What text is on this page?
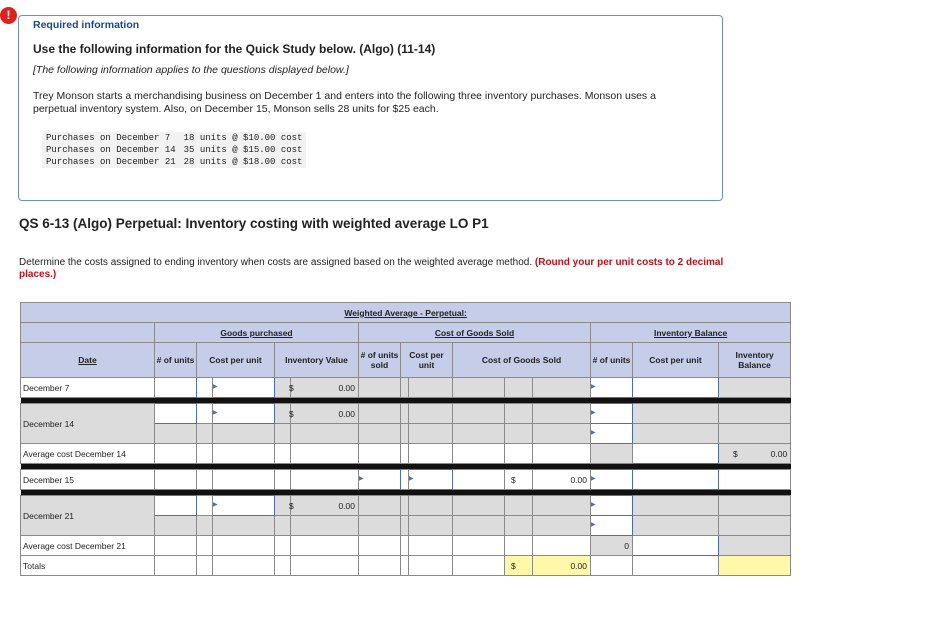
!
Required information
Use the following information for the Quick Study below. (Algo) (11-14)
[The following information applies to the questions displayed below.]
Trey Monson starts a merchandising business on December 1 and enters into the following three inventory purchases. Monson uses a perpetual inventory system. Also, on December 15, Monson sells 28 units for $25 each.
Purchases on December 7	18 units @ $10.00 cost
Purchases on December 14	35 units @ $15.00 cost
Purchases on December 21	28 units @ $18.00 cost
QS 6-13 (Algo) Perpetual: Inventory costing with weighted average LO P1
Determine the costs assigned to ending inventory when costs are assigned based on the weighted average method. (Round your per unit costs to 2 decimal places.)
Weighted Average - Perpetual:														
	Goods purchased					Cost of Goods Sold						Inventory Balance		
Date	# of units	Cost per unit		Inventory Value		# of units sold	Cost per unit		Cost of Goods Sold			# of units	Cost per unit	Inventory Balance
December 7			▶	$	0.00							▶		

December 14			▶	$	0.00							▶		
												▶		
Average cost December 14														$ 0.00

December 15						▶		▶		$	0.00	▶		

December 21			▶	$	0.00							▶		
												▶		
Average cost December 21												0		
Totals										$	0.00			
